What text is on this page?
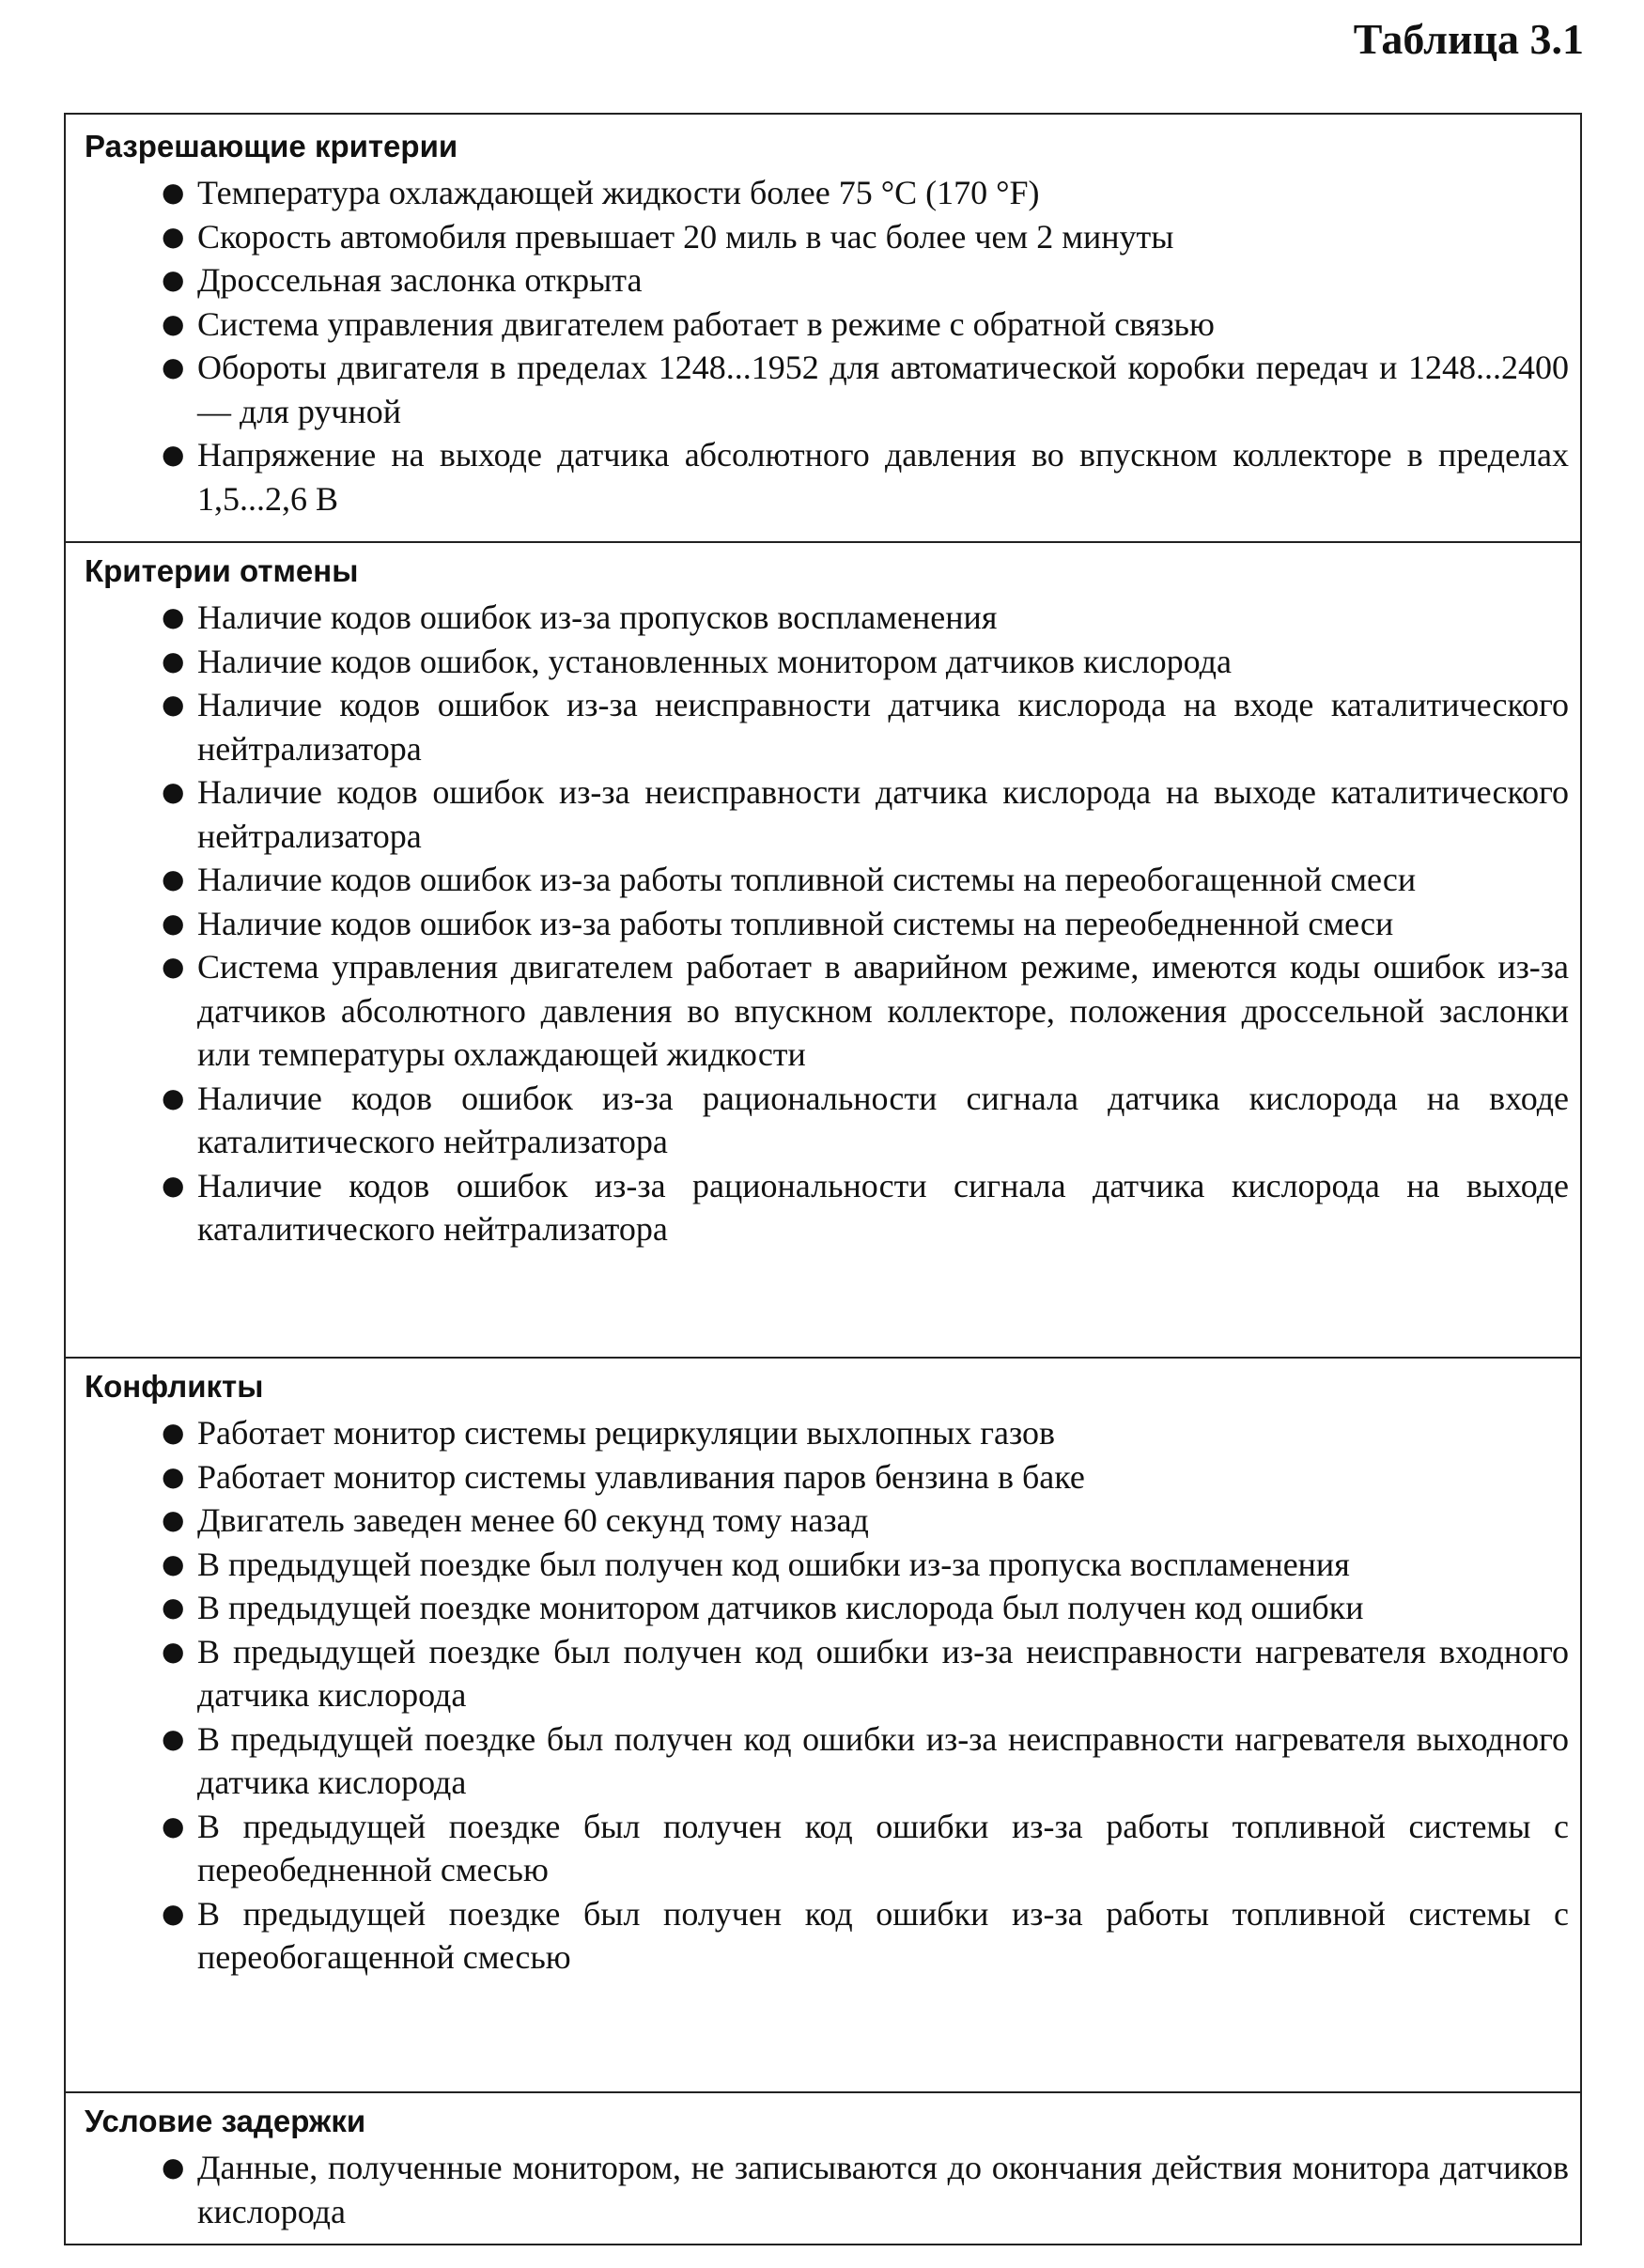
Таблица 3.1
Разрешающие критерии
● Температура охлаждающей жидкости более 75 °C (170 °F)
● Скорость автомобиля превышает 20 миль в час более чем 2 минуты
● Дроссельная заслонка открыта
● Система управления двигателем работает в режиме с обратной связью
● Обороты двигателя в пределах 1248...1952 для автоматической коробки передач и 1248...2400 — для ручной
● Напряжение на выходе датчика абсолютного давления во впускном коллекторе в пределах 1,5...2,6 В
Критерии отмены
● Наличие кодов ошибок из-за пропусков воспламенения
● Наличие кодов ошибок, установленных монитором датчиков кислорода
● Наличие кодов ошибок из-за неисправности датчика кислорода на входе каталитического нейтрализатора
● Наличие кодов ошибок из-за неисправности датчика кислорода на выходе каталитического нейтрализатора
● Наличие кодов ошибок из-за работы топливной системы на переобогащенной смеси
● Наличие кодов ошибок из-за работы топливной системы на переобедненной смеси
● Система управления двигателем работает в аварийном режиме, имеются коды ошибок из-за датчиков абсолютного давления во впускном коллекторе, положения дроссельной заслонки или температуры охлаждающей жидкости
● Наличие кодов ошибок из-за рациональности сигнала датчика кислорода на входе каталитического нейтрализатора
● Наличие кодов ошибок из-за рациональности сигнала датчика кислорода на выходе каталитического нейтрализатора
Конфликты
● Работает монитор системы рециркуляции выхлопных газов
● Работает монитор системы улавливания паров бензина в баке
● Двигатель заведен менее 60 секунд тому назад
● В предыдущей поездке был получен код ошибки из-за пропуска воспламенения
● В предыдущей поездке монитором датчиков кислорода был получен код ошибки
● В предыдущей поездке был получен код ошибки из-за неисправности нагревателя входного датчика кислорода
● В предыдущей поездке был получен код ошибки из-за неисправности нагревателя выходного датчика кислорода
● В предыдущей поездке был получен код ошибки из-за работы топливной системы с переобедненной смесью
● В предыдущей поездке был получен код ошибки из-за работы топливной системы с переобогащенной смесью
Условие задержки
● Данные, полученные монитором, не записываются до окончания действия монитора датчиков кислорода
